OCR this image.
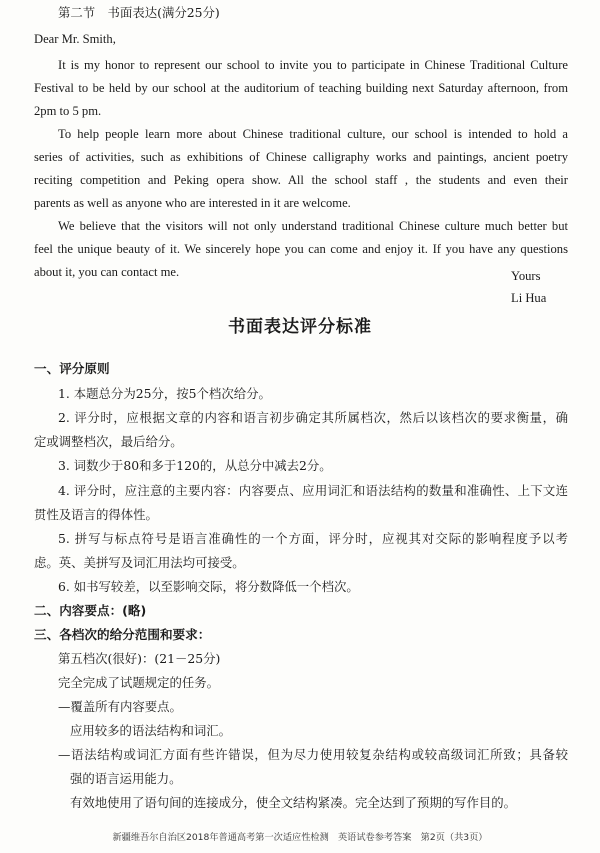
第二节　书面表达(满分25分)
Dear Mr. Smith,
It is my honor to represent our school to invite you to participate in Chinese Traditional Culture
Festival to be held by our school at the auditorium of teaching building next Saturday afternoon, from
2pm to 5 pm.
To help people learn more about Chinese traditional culture, our school is intended to hold a
series of activities, such as exhibitions of Chinese calligraphy works and paintings, ancient poetry
reciting competition and Peking opera show. All the school staff , the students and even their
parents as well as anyone who are interested in it are welcome.
We believe that the visitors will not only understand traditional Chinese culture much better but
feel the unique beauty of it. We sincerely hope you can come and enjoy it. If you have any questions
about it, you can contact me.	Yours
Li Hua
书面表达评分标准
一、评分原则
1. 本题总分为25分，按5个档次给分。
2. 评分时，应根据文章的内容和语言初步确定其所属档次，然后以该档次的要求衡量，确
定或调整档次，最后给分。
3. 词数少于80和多于120的，从总分中减去2分。
4. 评分时，应注意的主要内容：内容要点、应用词汇和语法结构的数量和准确性、上下文连
贯性及语言的得体性。
5. 拼写与标点符号是语言准确性的一个方面，评分时，应视其对交际的影响程度予以考
虑。英、美拼写及词汇用法均可接受。
6. 如书写较差，以至影响交际，将分数降低一个档次。
二、内容要点：(略)
三、各档次的给分范围和要求：
第五档次(很好)：(21－25分)
完全完成了试题规定的任务。
—覆盖所有内容要点。
应用较多的语法结构和词汇。
—语法结构或词汇方面有些许错误，但为尽力使用较复杂结构或较高级词汇所致；具备较
强的语言运用能力。
有效地使用了语句间的连接成分，使全文结构紧凑。完全达到了预期的写作目的。
新疆维吾尔自治区2018年普通高考第一次适应性检测　英语试卷参考答案　第2页（共3页）
